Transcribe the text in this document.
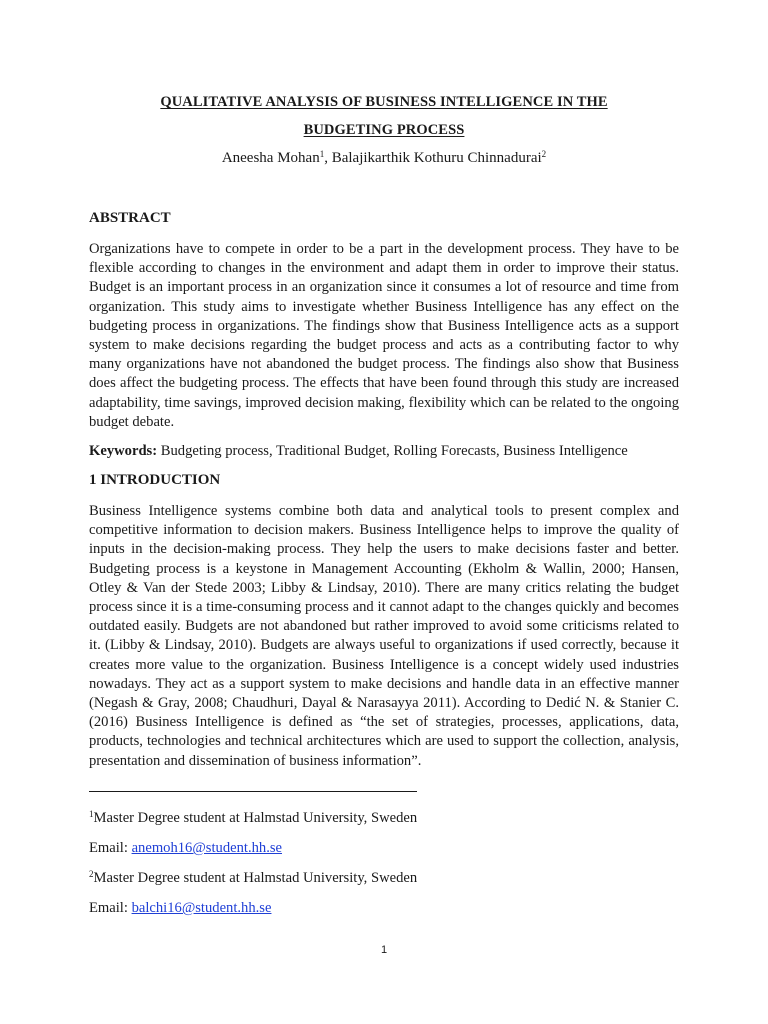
QUALITATIVE ANALYSIS OF BUSINESS INTELLIGENCE IN THE
BUDGETING PROCESS
Aneesha Mohan$^1$, Balajikarthik Kothuru Chinnadurai$^2$
ABSTRACT
Organizations have to compete in order to be a part in the development process. They have to be flexible according to changes in the environment and adapt them in order to improve their status. Budget is an important process in an organization since it consumes a lot of resource and time from organization. This study aims to investigate whether Business Intelligence has any effect on the budgeting process in organizations. The findings show that Business Intelligence acts as a support system to make decisions regarding the budget process and acts as a contributing factor to why many organizations have not abandoned the budget process. The findings also show that Business does affect the budgeting process. The effects that have been found through this study are increased adaptability, time savings, improved decision making, flexibility which can be related to the ongoing budget debate.
Keywords: Budgeting process, Traditional Budget, Rolling Forecasts, Business Intelligence
1 INTRODUCTION
Business Intelligence systems combine both data and analytical tools to present complex and competitive information to decision makers. Business Intelligence helps to improve the quality of inputs in the decision-making process. They help the users to make decisions faster and better. Budgeting process is a keystone in Management Accounting (Ekholm & Wallin, 2000; Hansen, Otley & Van der Stede 2003; Libby & Lindsay, 2010). There are many critics relating the budget process since it is a time-consuming process and it cannot adapt to the changes quickly and becomes outdated easily. Budgets are not abandoned but rather improved to avoid some criticisms related to it. (Libby & Lindsay, 2010). Budgets are always useful to organizations if used correctly, because it creates more value to the organization. Business Intelligence is a concept widely used industries nowadays. They act as a support system to make decisions and handle data in an effective manner (Negash & Gray, 2008; Chaudhuri, Dayal & Narasayya 2011). According to Dedić N. & Stanier C. (2016) Business Intelligence is defined as “the set of strategies, processes, applications, data, products, technologies and technical architectures which are used to support the collection, analysis, presentation and dissemination of business information”.
$^1$Master Degree student at Halmstad University, Sweden
Email: anemoh16@student.hh.se
$^2$Master Degree student at Halmstad University, Sweden
Email: balchi16@student.hh.se
1
